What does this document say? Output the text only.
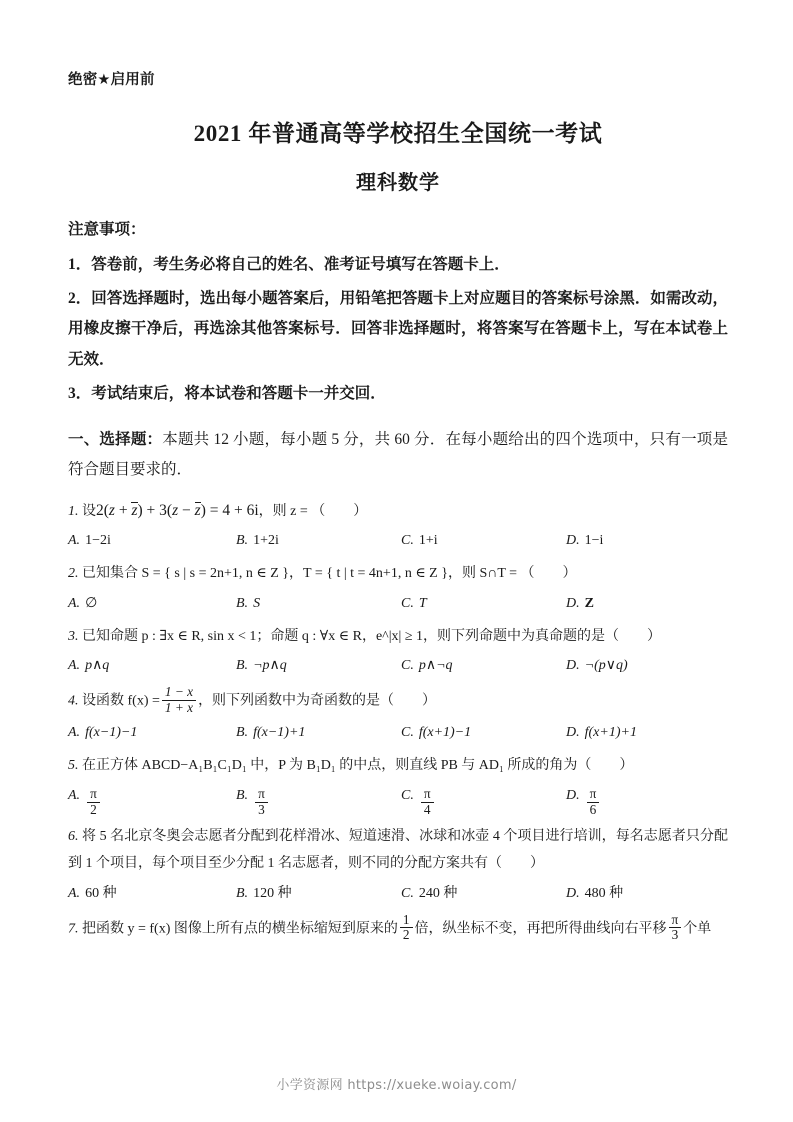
绝密★启用前
2021 年普通高等学校招生全国统一考试
理科数学
注意事项：
1．答卷前，考生务必将自己的姓名、准考证号填写在答题卡上．
2．回答选择题时，选出每小题答案后，用铅笔把答题卡上对应题目的答案标号涂黑．如需改动，用橡皮擦干净后，再选涂其他答案标号．回答非选择题时，将答案写在答题卡上，写在本试卷上无效．
3．考试结束后，将本试卷和答题卡一并交回．
一、选择题：本题共 12 小题，每小题 5 分，共 60 分．在每小题给出的四个选项中，只有一项是符合题目要求的．
1. 设2(z + z) + 3(z − z) = 4 + 6i，则 z = （　　）
A. 1−2i	B. 1+2i	C. 1+i	D. 1−i
2. 已知集合 S = { s | s = 2n+1, n ∈ Z }，T = { t | t = 4n+1, n ∈ Z }，则 S∩T = （　　）
A. ∅	B. S	C. T	D. Z
3. 已知命题 p : ∃x ∈ R, sin x < 1；命题 q : ∀x ∈ R，e^|x| ≥ 1，则下列命题中为真命题的是（　　）
A. p∧q	B. ¬p∧q	C. p∧¬q	D. ¬(p∨q)
4. 设函数 $f(x) = \frac{1 - x}{1 + x}$ ，则下列函数中为奇函数的是（　　）
A. f(x−1)−1	B. f(x−1)+1	C. f(x+1)−1	D. f(x+1)+1
5. 在正方体 ABCD−A₁B₁C₁D₁ 中，P 为 B₁D₁ 的中点，则直线 PB 与 AD₁ 所成的角为（　　）
A. $\frac{\pi}{2}$	B. $\frac{\pi}{3}$	C. $\frac{\pi}{4}$	D. $\frac{\pi}{6}$
6. 将 5 名北京冬奥会志愿者分配到花样滑冰、短道速滑、冰球和冰壶 4 个项目进行培训，每名志愿者只分配到 1 个项目，每个项目至少分配 1 名志愿者，则不同的分配方案共有（　　）
A. 60 种	B. 120 种	C. 240 种	D. 480 种
7. 把函数 y = f(x) 图像上所有点的横坐标缩短到原来的 $\frac{1}{2}$ 倍，纵坐标不变，再把所得曲线向右平移 $\frac{\pi}{3}$ 个单
小学资源网 https://xueke.woiay.com/
